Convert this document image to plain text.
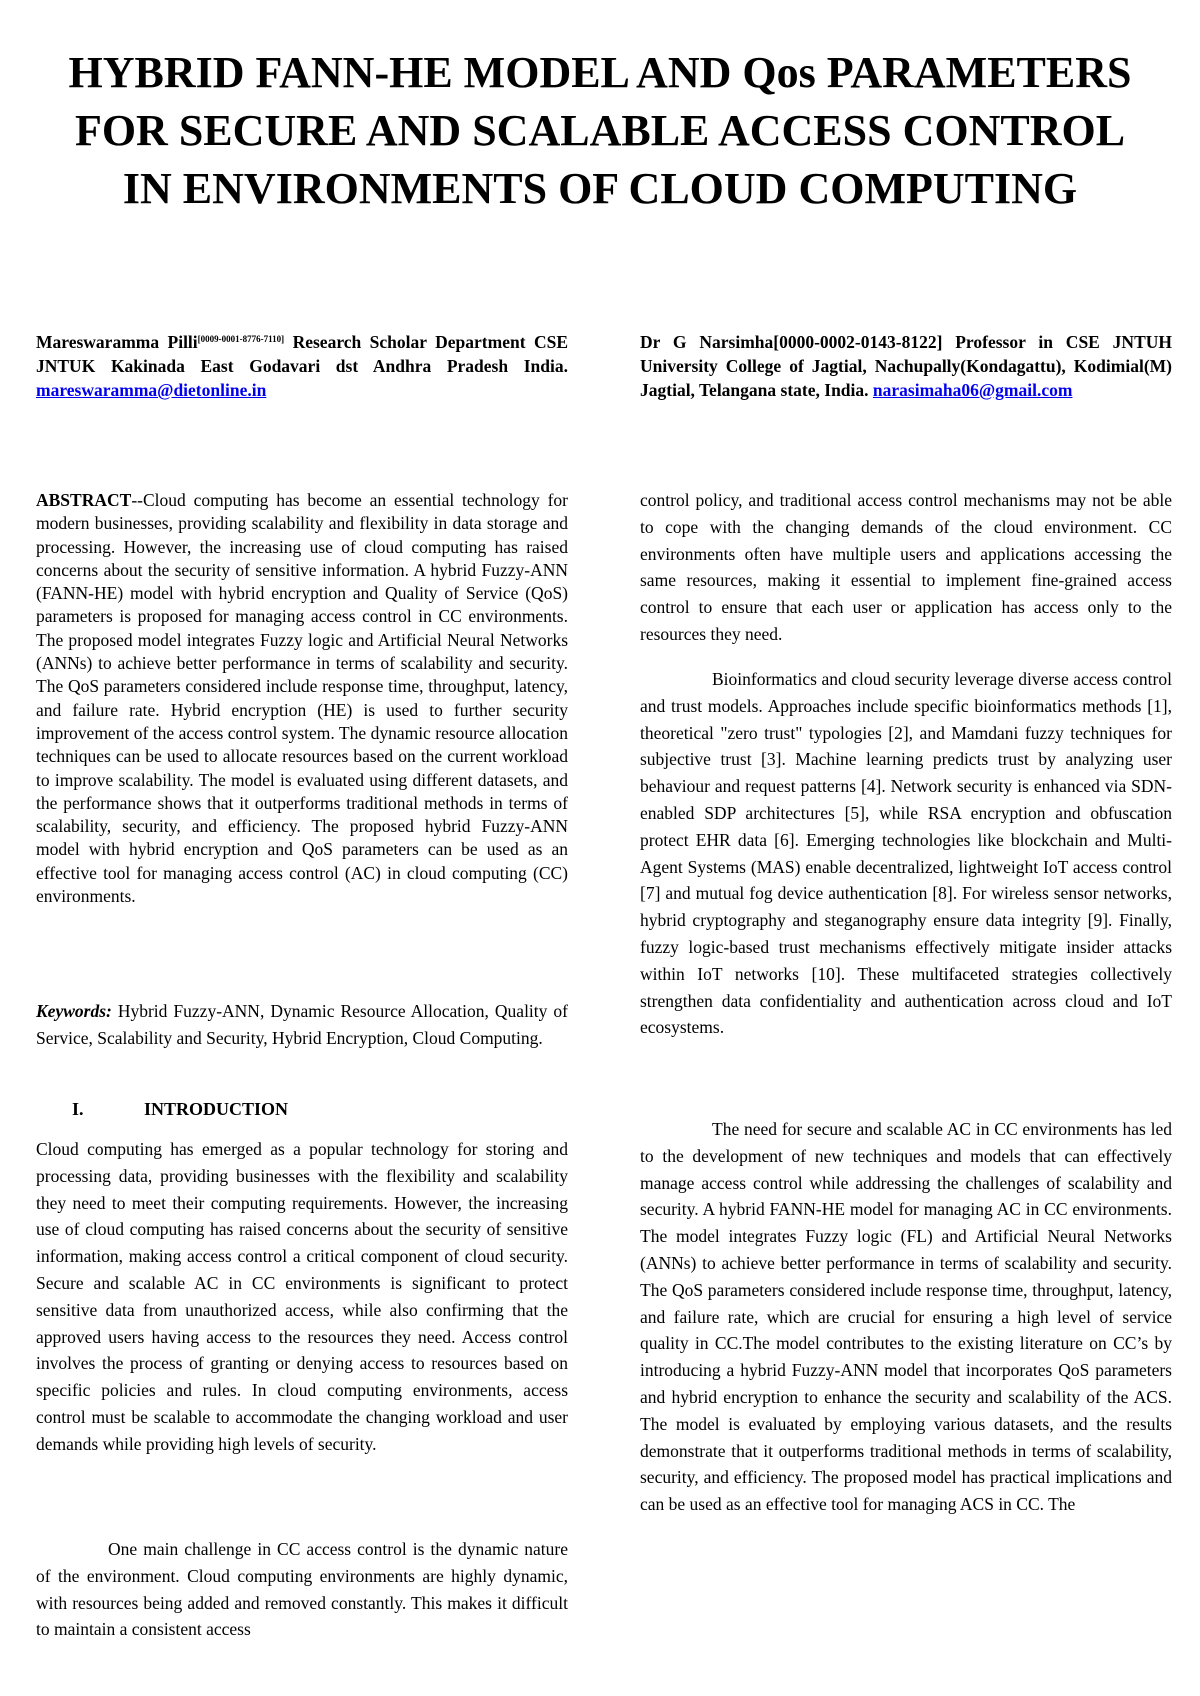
HYBRID FANN-HE MODEL AND Qos PARAMETERS FOR SECURE AND SCALABLE ACCESS CONTROL IN ENVIRONMENTS OF CLOUD COMPUTING

Mareswaramma Pilli[0009-0001-8776-7110] Research Scholar Department CSE JNTUK Kakinada East Godavari dst Andhra Pradesh India. mareswaramma@dietonline.in

Dr G Narsimha[0000-0002-0143-8122] Professor in CSE JNTUH University College of Jagtial, Nachupally(Kondagattu), Kodimial(M) Jagtial, Telangana state, India. narasimaha06@gmail.com

ABSTRACT--Cloud computing has become an essential technology for modern businesses, providing scalability and flexibility in data storage and processing. However, the increasing use of cloud computing has raised concerns about the security of sensitive information. A hybrid Fuzzy-ANN (FANN-HE) model with hybrid encryption and Quality of Service (QoS) parameters is proposed for managing access control in CC environments. The proposed model integrates Fuzzy logic and Artificial Neural Networks (ANNs) to achieve better performance in terms of scalability and security. The QoS parameters considered include response time, throughput, latency, and failure rate. Hybrid encryption (HE) is used to further security improvement of the access control system. The dynamic resource allocation techniques can be used to allocate resources based on the current workload to improve scalability. The model is evaluated using different datasets, and the performance shows that it outperforms traditional methods in terms of scalability, security, and efficiency. The proposed hybrid Fuzzy-ANN model with hybrid encryption and QoS parameters can be used as an effective tool for managing access control (AC) in cloud computing (CC) environments.

Keywords: Hybrid Fuzzy-ANN, Dynamic Resource Allocation, Quality of Service, Scalability and Security, Hybrid Encryption, Cloud Computing.

I.	INTRODUCTION

Cloud computing has emerged as a popular technology for storing and processing data, providing businesses with the flexibility and scalability they need to meet their computing requirements. However, the increasing use of cloud computing has raised concerns about the security of sensitive information, making access control a critical component of cloud security. Secure and scalable AC in CC environments is significant to protect sensitive data from unauthorized access, while also confirming that the approved users having access to the resources they need. Access control involves the process of granting or denying access to resources based on specific policies and rules. In cloud computing environments, access control must be scalable to accommodate the changing workload and user demands while providing high levels of security.

One main challenge in CC access control is the dynamic nature of the environment. Cloud computing environments are highly dynamic, with resources being added and removed constantly. This makes it difficult to maintain a consistent access

control policy, and traditional access control mechanisms may not be able to cope with the changing demands of the cloud environment. CC environments often have multiple users and applications accessing the same resources, making it essential to implement fine-grained access control to ensure that each user or application has access only to the resources they need.

Bioinformatics and cloud security leverage diverse access control and trust models. Approaches include specific bioinformatics methods [1], theoretical "zero trust" typologies [2], and Mamdani fuzzy techniques for subjective trust [3]. Machine learning predicts trust by analyzing user behaviour and request patterns [4]. Network security is enhanced via SDN-enabled SDP architectures [5], while RSA encryption and obfuscation protect EHR data [6]. Emerging technologies like blockchain and Multi-Agent Systems (MAS) enable decentralized, lightweight IoT access control [7] and mutual fog device authentication [8]. For wireless sensor networks, hybrid cryptography and steganography ensure data integrity [9]. Finally, fuzzy logic-based trust mechanisms effectively mitigate insider attacks within IoT networks [10]. These multifaceted strategies collectively strengthen data confidentiality and authentication across cloud and IoT ecosystems.

The need for secure and scalable AC in CC environments has led to the development of new techniques and models that can effectively manage access control while addressing the challenges of scalability and security. A hybrid FANN-HE model for managing AC in CC environments. The model integrates Fuzzy logic (FL) and Artificial Neural Networks (ANNs) to achieve better performance in terms of scalability and security. The QoS parameters considered include response time, throughput, latency, and failure rate, which are crucial for ensuring a high level of service quality in CC.The model contributes to the existing literature on CC’s by introducing a hybrid Fuzzy-ANN model that incorporates QoS parameters and hybrid encryption to enhance the security and scalability of the ACS. The model is evaluated by employing various datasets, and the results demonstrate that it outperforms traditional methods in terms of scalability, security, and efficiency. The proposed model has practical implications and can be used as an effective tool for managing ACS in CC. The
